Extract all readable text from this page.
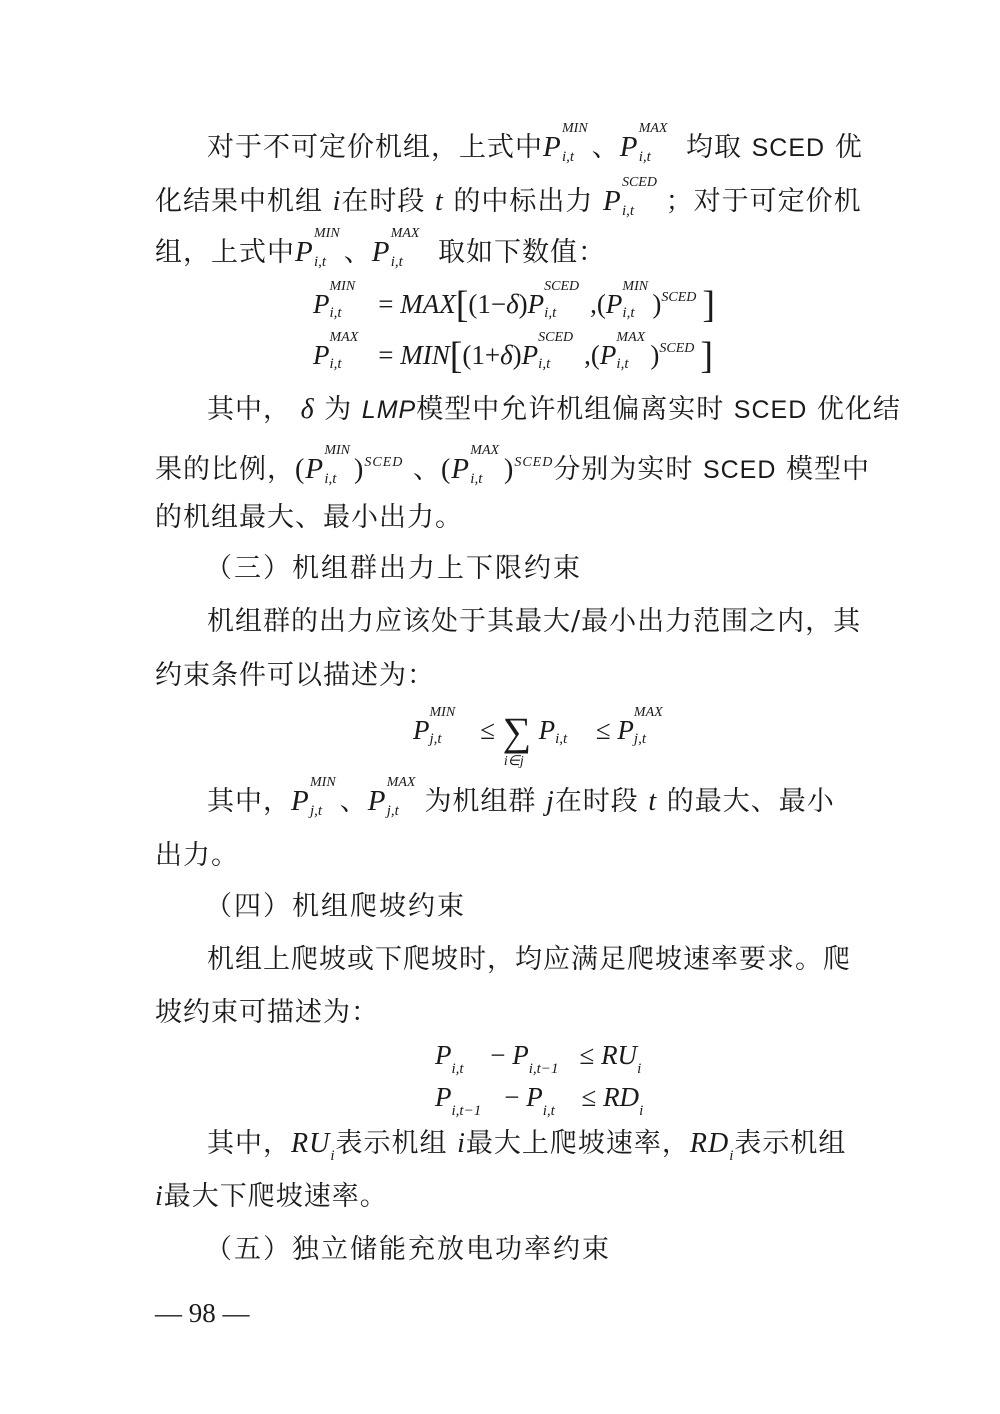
对于不可定价机组，上式中P
MIN
i,t 、P
MAX
i,t 均取 SCED 优
化结果中机组 i在时段 t 的中标出力 P
SCED
i,t ；对于可定价机
组，上式中P
MIN
i,t 、P
MAX
i,t 取如下数值：
P
MIN
i,t = MAX[(1−δ)P
SCED
i,t ,(P
MIN
i,t )$^{SCED}$ ]
P
MAX
i,t = MIN[(1+δ)P
SCED
i,t ,(P
MAX
i,t )$^{SCED}$ ]
其中， δ 为 LMP模型中允许机组偏离实时 SCED 优化结
果的比例，(P
MIN
i,t )$^{SCED}$ 、(P
MAX
i,t )$^{SCED}$分别为实时 SCED 模型中
的机组最大、最小出力。
（三）机组群出力上下限约束
机组群的出力应该处于其最大/最小出力范围之内，其
约束条件可以描述为：
P
MIN
j,t ≤ ∑
i∈j
P i,t ≤ P
MAX
j,t
其中，P
MIN
j,t 、P
MAX
j,t 为机组群 j在时段 t 的最大、最小
出力。
（四）机组爬坡约束
机组上爬坡或下爬坡时，均应满足爬坡速率要求。爬
坡约束可描述为：
P i,t − P $i,t-1 \le RU_i$
P i,t−1 − P $i,t \le RD_i$
其中，$RU_i$表示机组 i最大上爬坡速率，$RD_i$表示机组
i最大下爬坡速率。
（五）独立储能充放电功率约束
— 98 —
